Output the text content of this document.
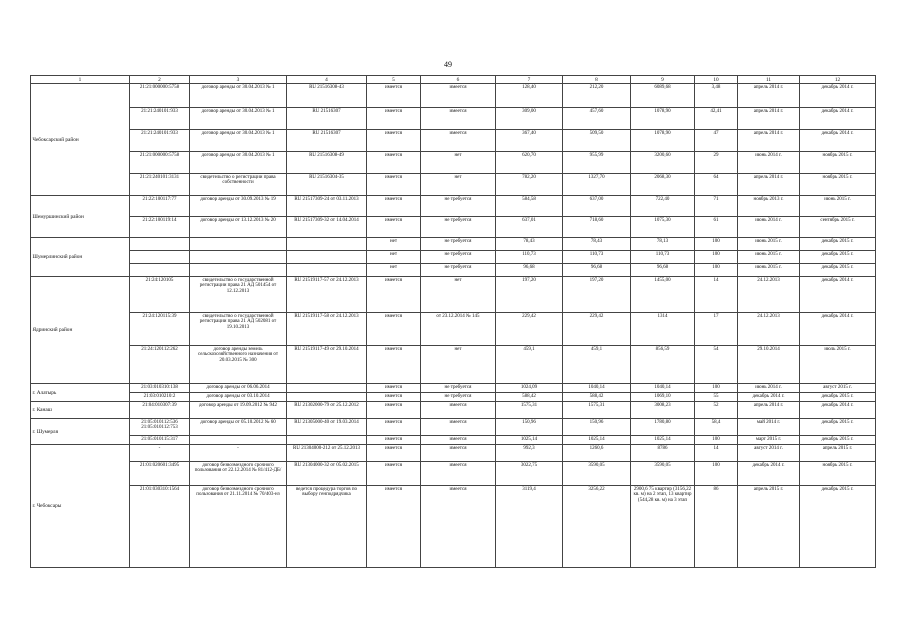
49
1	2	3	4	5	6	7	8	9	10	11	12
Чебоксарский район	21:21:000000:5758	договор аренды от 30.04.2013 № 1	RU 21516308-43	имеется	имеется	128,40	212,20	6089,68	3,48	апрель 2014 г.	декабрь 2014 г.
	21:21:240101:933	договор аренды от 30.04.2013 № 1	RU 21516307	имеется	имеется	309,00	457,60	1078,90	42,41	апрель 2014 г.	декабрь 2014 г.
	21:21:240101:933	договор аренды от 30.04.2013 № 1	RU 21516307	имеется	имеется	367,40	509,50	1078,90	47	апрель 2014 г.	декабрь 2014 г.
	21:21:000000:5758	договор аренды от 30.04.2013 № 1	RU 21516308-49	имеется	нет	620,70	955,99	3200,60	29	июнь 2014 г.	ноябрь 2015 г.
	21:21:240101:3131	свидетельство о регистрации права собственности	RU 21516304-35	имеется	нет	782,20	1327,70	2068,30	64	апрель 2014 г.	ноябрь 2015 г.
Шемуршинский район	21:22:100117:77	договор аренды от 30.09.2013 № 19	RU 21517309-24 от 03.11.2013	имеется	не требуется	584,58	637,00	722,40	71	ноябрь 2013 г.	июнь 2015 г.
	21:22:100119:14	договор аренды от 13.12.2013 № 20	RU 21517309-32 от 14.04.2014	имеется	не требуется	637,01	718,60	1075,30	61	июнь 2014 г.	сентябрь 2015 г.
Шумерлинский район				нет	не требуется	78,43	78,43	78,13	100	июнь 2015 г.	декабрь 2015 г.
				нет	не требуется	110,73	110,73	110,73	100	июнь 2015 г.	декабрь 2015 г.
				нет	не требуется	96,68	96,68	96,68	100	июнь 2015 г.	декабрь 2015 г.
Ядринский район	21:24:120105	свидетельство о государственной регистрации права 21 АД 501454 от 12.12.2013	RU 21519117-57 от 24.12.2013	имеется	нет	197,20	197,20	1455,00	14	24.12.2013	декабрь 2014 г.
	21:24:120115:39	свидетельство о государственной регистрации права 21 АД 502081 от 19.10.2013	RU 21519117-58 от 24.12.2013	имеется	от 23.12.2014 № 145	229,42	229,42	1314	17	24.12.2013	декабрь 2014 г.
	21:24:120112:262	договор аренды земель сельскохозяйственного назначения от 20.03.2015 № 300	RU 21519117-49 от 29.10.2014	имеется	нет	459,1	459,1	856,59	54	29.10.2014	июль 2015 г.
г. Алатырь	21:03:010310:138	договор аренды от 06.06.2014		имеется	не требуется	1024,09	1040,14	1040,14	100	июнь 2014 г.	август 2015 г.
	21:03:010210:2	договор аренды от 03.10.2014		имеется	не требуется	588,42	588,42	1069,10	55	декабрь 2014 г.	декабрь 2015 г.
г. Канаш	21:04:010307:39	договор аренды от 19.09.2012 № 942	RU 21302000-79 от 25.12.2012	имеется	имеется	1575,31	1575,31	3008,23	52	апрель 2014 г.	декабрь 2014 г.
г. Шумерля	21:05:010112:536 21:05:010112:753	договор аренды от 05.10.2012 № 60	RU 21305000-40 от 19.03.2014	имеется	имеется	150,96	150,96	1780,80	58,4	май 2014 г.	декабрь 2015 г.
	21:05:010115:317			имеется	имеется	1025,14	1025,14	1025,14	100	март 2015 г.	декабрь 2015 г.
г. Чебоксары	-	-	RU 21304000-212 от 25.12.2013	имеется	имеется	992,3	1260,6	8786	14	август 2014 г.	апрель 2015 г.
	21:01:020601:3495	договор безвозмездного срочного пользования от 22.12.2014 № 81/412-ДБ/	RU 21304000-32 от 05.02.2015	имеется	имеется	3022,75	3590,05	3590,05	100	декабрь 2014 г.	ноябрь 2015 г.
	21:01:030310:1564	договор безвозмездного срочного пользования от 21.11.2014 № 70/403-нз	ведется процедура торгов по выбору генподрядчика	имеется	имеется	3119,4	3256,22	2900,6 75 квартир (3156,22 кв. м) на 2 этап, 13 квартир (544,28 кв. м) на 3 этап	86	апрель 2015 г.	декабрь 2015 г.
